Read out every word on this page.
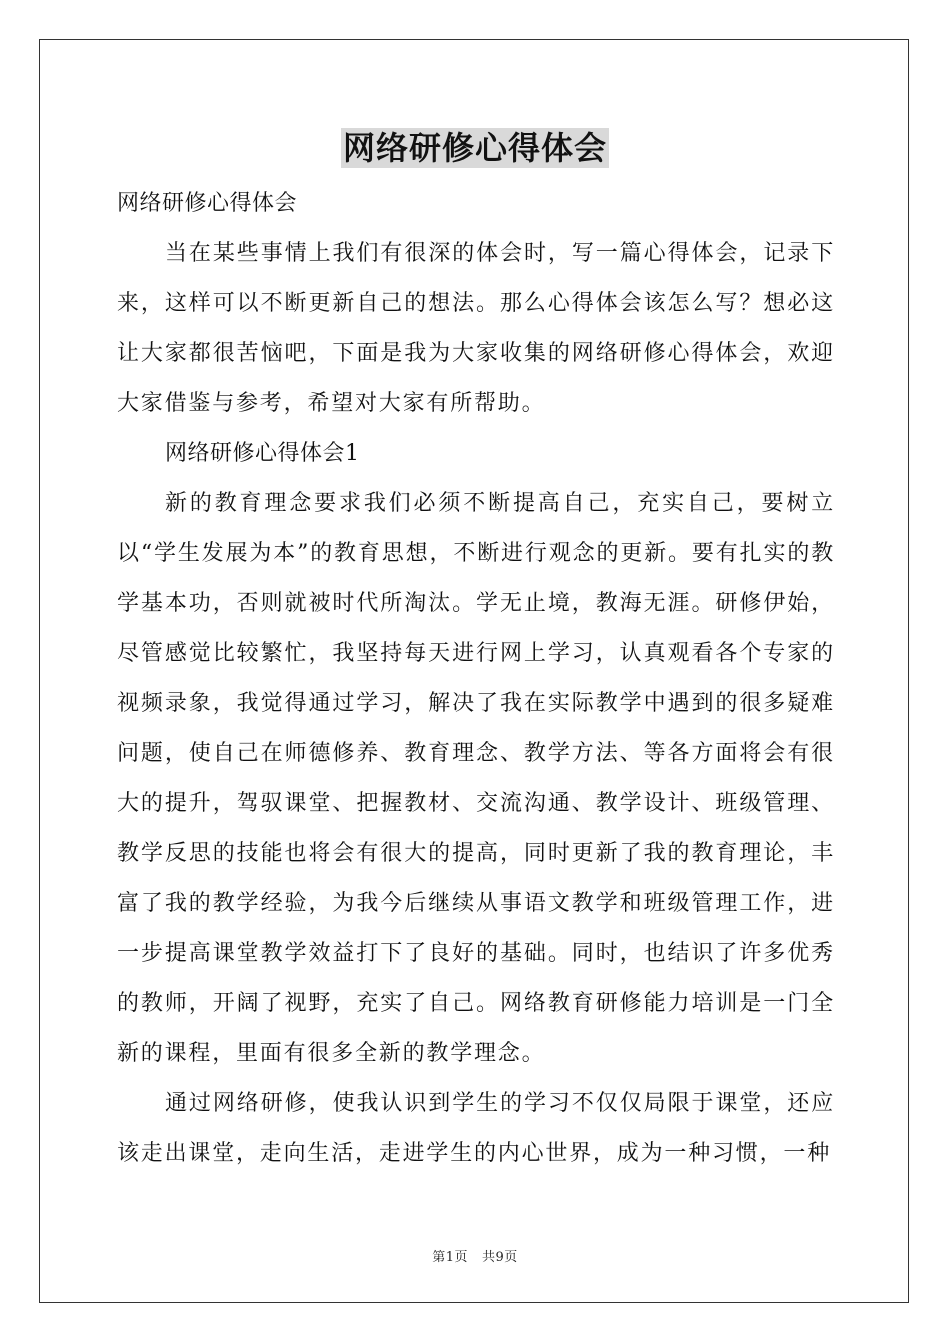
网络研修心得体会

网络研修心得体会

当在某些事情上我们有很深的体会时，写一篇心得体会，记录下来，这样可以不断更新自己的想法。那么心得体会该怎么写？想必这让大家都很苦恼吧，下面是我为大家收集的网络研修心得体会，欢迎大家借鉴与参考，希望对大家有所帮助。

网络研修心得体会1

新的教育理念要求我们必须不断提高自己，充实自己，要树立以“学生发展为本”的教育思想，不断进行观念的更新。要有扎实的教学基本功，否则就被时代所淘汰。学无止境，教海无涯。研修伊始，尽管感觉比较繁忙，我坚持每天进行网上学习，认真观看各个专家的视频录象，我觉得通过学习，解决了我在实际教学中遇到的很多疑难问题，使自己在师德修养、教育理念、教学方法、等各方面将会有很大的提升，驾驭课堂、把握教材、交流沟通、教学设计、班级管理、教学反思的技能也将会有很大的提高，同时更新了我的教育理论，丰富了我的教学经验，为我今后继续从事语文教学和班级管理工作，进一步提高课堂教学效益打下了良好的基础。同时，也结识了许多优秀的教师，开阔了视野，充实了自己。网络教育研修能力培训是一门全新的课程，里面有很多全新的教学理念。

通过网络研修，使我认识到学生的学习不仅仅局限于课堂，还应该走出课堂，走向生活，走进学生的内心世界，成为一种习惯，一种

第1页 共9页
